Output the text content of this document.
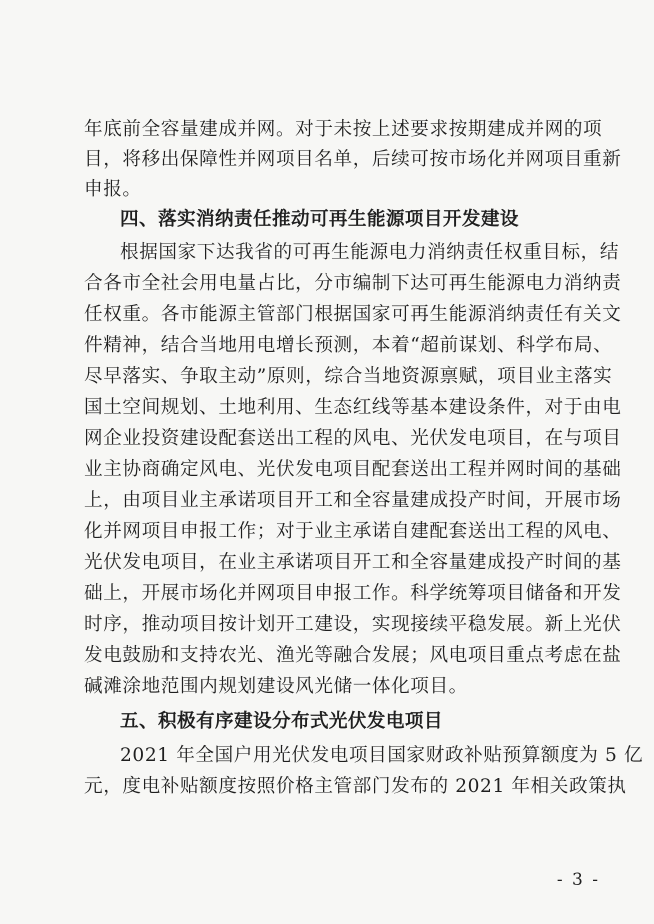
年底前全容量建成并网。对于未按上述要求按期建成并网的项
目，将移出保障性并网项目名单，后续可按市场化并网项目重新
申报。
四、落实消纳责任推动可再生能源项目开发建设
根据国家下达我省的可再生能源电力消纳责任权重目标，结
合各市全社会用电量占比，分市编制下达可再生能源电力消纳责
任权重。各市能源主管部门根据国家可再生能源消纳责任有关文
件精神，结合当地用电增长预测，本着“超前谋划、科学布局、
尽早落实、争取主动”原则，综合当地资源禀赋，项目业主落实
国土空间规划、土地利用、生态红线等基本建设条件，对于由电
网企业投资建设配套送出工程的风电、光伏发电项目，在与项目
业主协商确定风电、光伏发电项目配套送出工程并网时间的基础
上，由项目业主承诺项目开工和全容量建成投产时间，开展市场
化并网项目申报工作；对于业主承诺自建配套送出工程的风电、
光伏发电项目，在业主承诺项目开工和全容量建成投产时间的基
础上，开展市场化并网项目申报工作。科学统筹项目储备和开发
时序，推动项目按计划开工建设，实现接续平稳发展。新上光伏
发电鼓励和支持农光、渔光等融合发展；风电项目重点考虑在盐
碱滩涂地范围内规划建设风光储一体化项目。
五、积极有序建设分布式光伏发电项目
2021 年全国户用光伏发电项目国家财政补贴预算额度为 5 亿
元，度电补贴额度按照价格主管部门发布的 2021 年相关政策执
- 3 -
